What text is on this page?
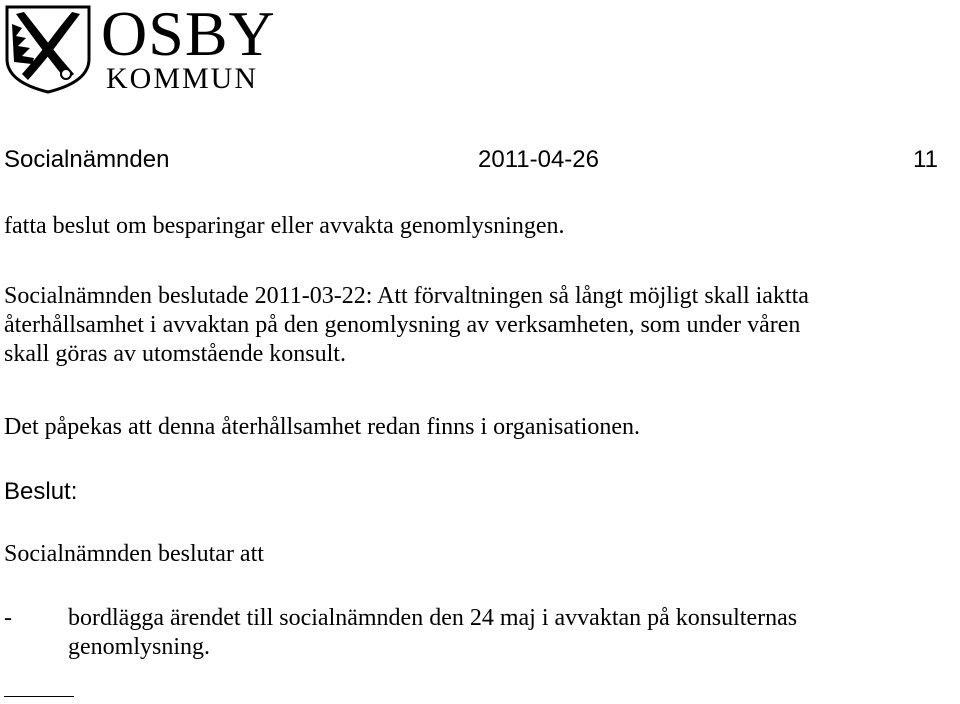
OSBY
KOMMUN
Socialnämnden	2011-04-26	11
fatta beslut om besparingar eller avvakta genomlysningen.
Socialnämnden beslutade 2011-03-22: Att förvaltningen så långt möjligt skall iaktta
återhållsamhet i avvaktan på den genomlysning av verksamheten, som under våren
skall göras av utomstående konsult.
Det påpekas att denna återhållsamhet redan finns i organisationen.
Beslut:
Socialnämnden beslutar att
- bordlägga ärendet till socialnämnden den 24 maj i avvaktan på konsulternas
genomlysning.
